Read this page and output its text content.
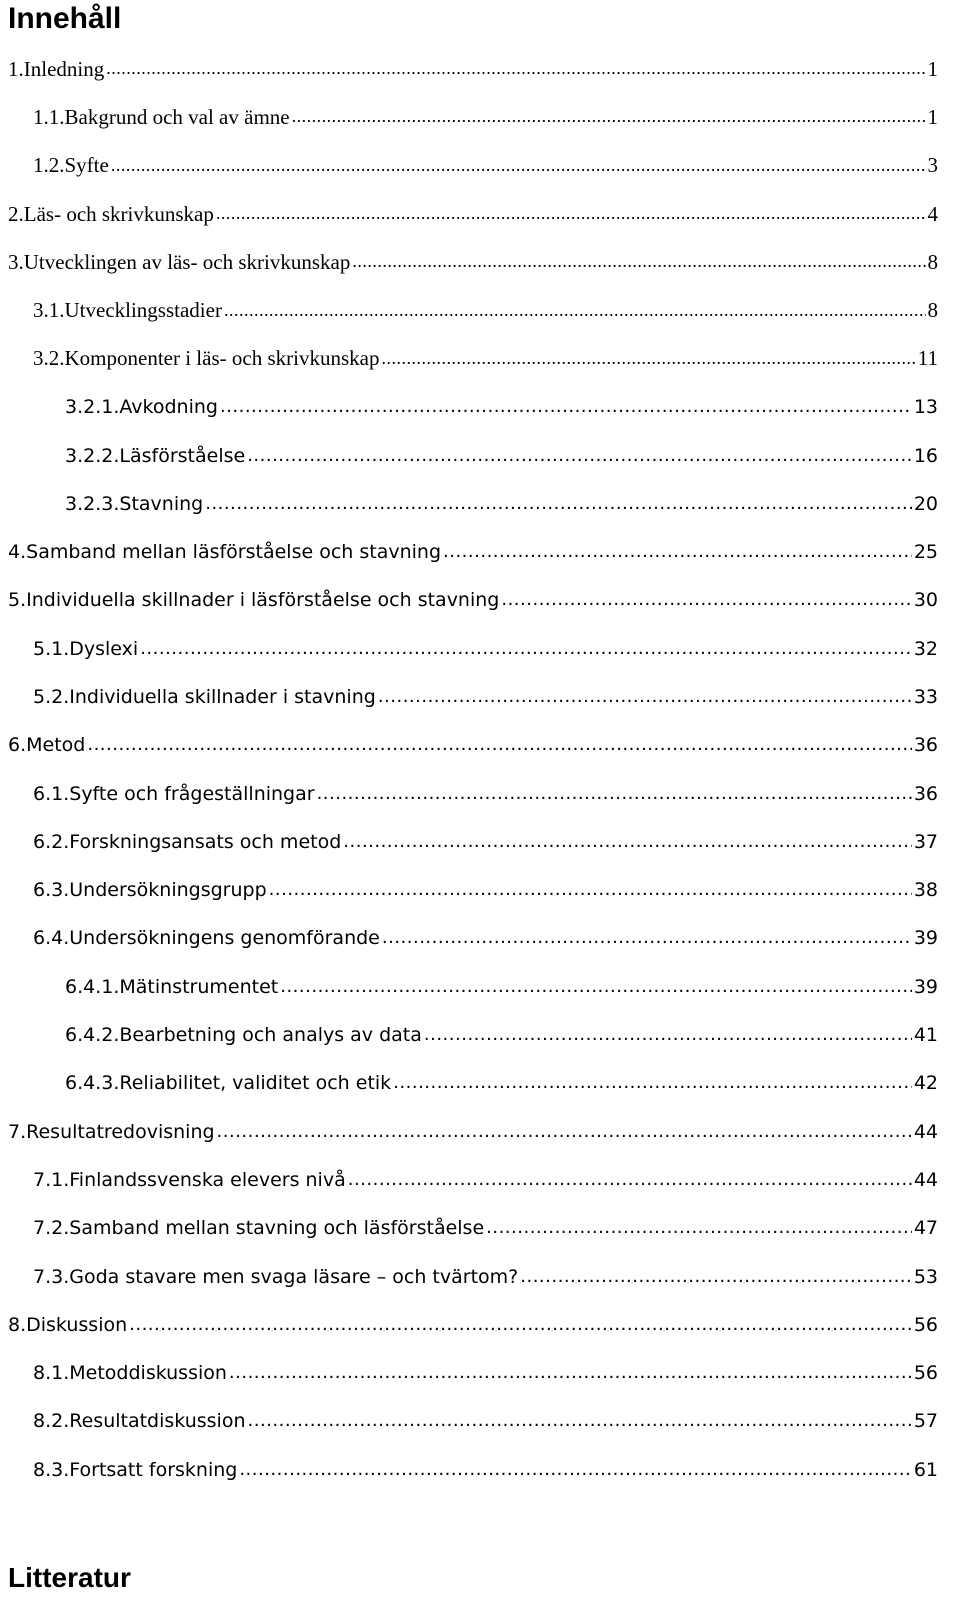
Innehåll
1.Inledning .....	1
1.1.Bakgrund och val av ämne .....	1
1.2.Syfte .....	3
2.Läs- och skrivkunskap .....	4
3.Utvecklingen av läs- och skrivkunskap .....	8
3.1.Utvecklingsstadier .....	8
3.2.Komponenter i läs- och skrivkunskap .....	11
3.2.1.Avkodning .....	13
3.2.2.Läsförståelse .....	16
3.2.3.Stavning .....	20
4.Samband mellan läsförståelse och stavning .....	25
5.Individuella skillnader i läsförståelse och stavning .....	30
5.1.Dyslexi .....	32
5.2.Individuella skillnader i stavning .....	33
6.Metod .....	36
6.1.Syfte och frågeställningar .....	36
6.2.Forskningsansats och metod .....	37
6.3.Undersökningsgrupp .....	38
6.4.Undersökningens genomförande .....	39
6.4.1.Mätinstrumentet .....	39
6.4.2.Bearbetning och analys av data .....	41
6.4.3.Reliabilitet, validitet och etik .....	42
7.Resultatredovisning .....	44
7.1.Finlandssvenska elevers nivå .....	44
7.2.Samband mellan stavning och läsförståelse .....	47
7.3.Goda stavare men svaga läsare – och tvärtom? .....	53
8.Diskussion .....	56
8.1.Metoddiskussion .....	56
8.2.Resultatdiskussion .....	57
8.3.Fortsatt forskning .....	61
Litteratur
